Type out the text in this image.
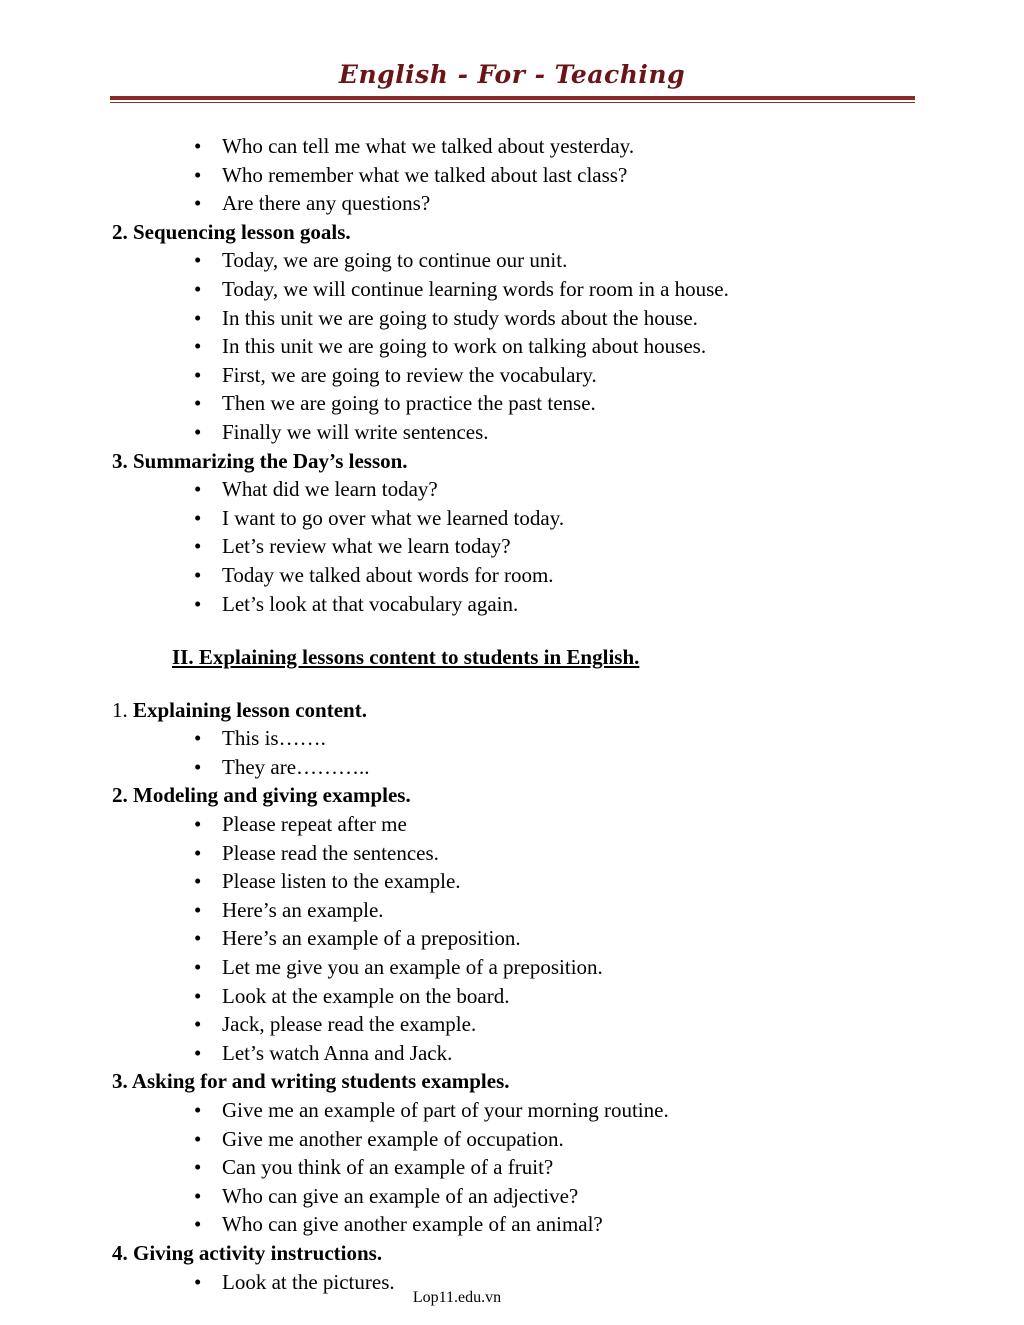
English - For - Teaching
• Who can tell me what we talked about yesterday.
• Who remember what we talked about last class?
• Are there any questions?
2. Sequencing lesson goals.
• Today, we are going to continue our unit.
• Today, we will continue learning words for room in a house.
• In this unit we are going to study words about the house.
• In this unit we are going to work on talking about houses.
• First, we are going to review the vocabulary.
• Then we are going to practice the past tense.
• Finally we will write sentences.
3. Summarizing the Day’s lesson.
• What did we learn today?
• I want to go over what we learned today.
• Let’s review what we learn today?
• Today we talked about words for room.
• Let’s look at that vocabulary again.
II. Explaining lessons content to students in English.
1. Explaining lesson content.
• This is…….
• They are………..
2. Modeling and giving examples.
• Please repeat after me
• Please read the sentences.
• Please listen to the example.
• Here’s an example.
• Here’s an example of a preposition.
• Let me give you an example of a preposition.
• Look at the example on the board.
• Jack, please read the example.
• Let’s watch Anna and Jack.
3. Asking for and writing students examples.
• Give me an example of part of your morning routine.
• Give me another example of occupation.
• Can you think of an example of a fruit?
• Who can give an example of an adjective?
• Who can give another example of an animal?
4. Giving activity instructions.
• Look at the pictures.
Lop11.edu.vn
